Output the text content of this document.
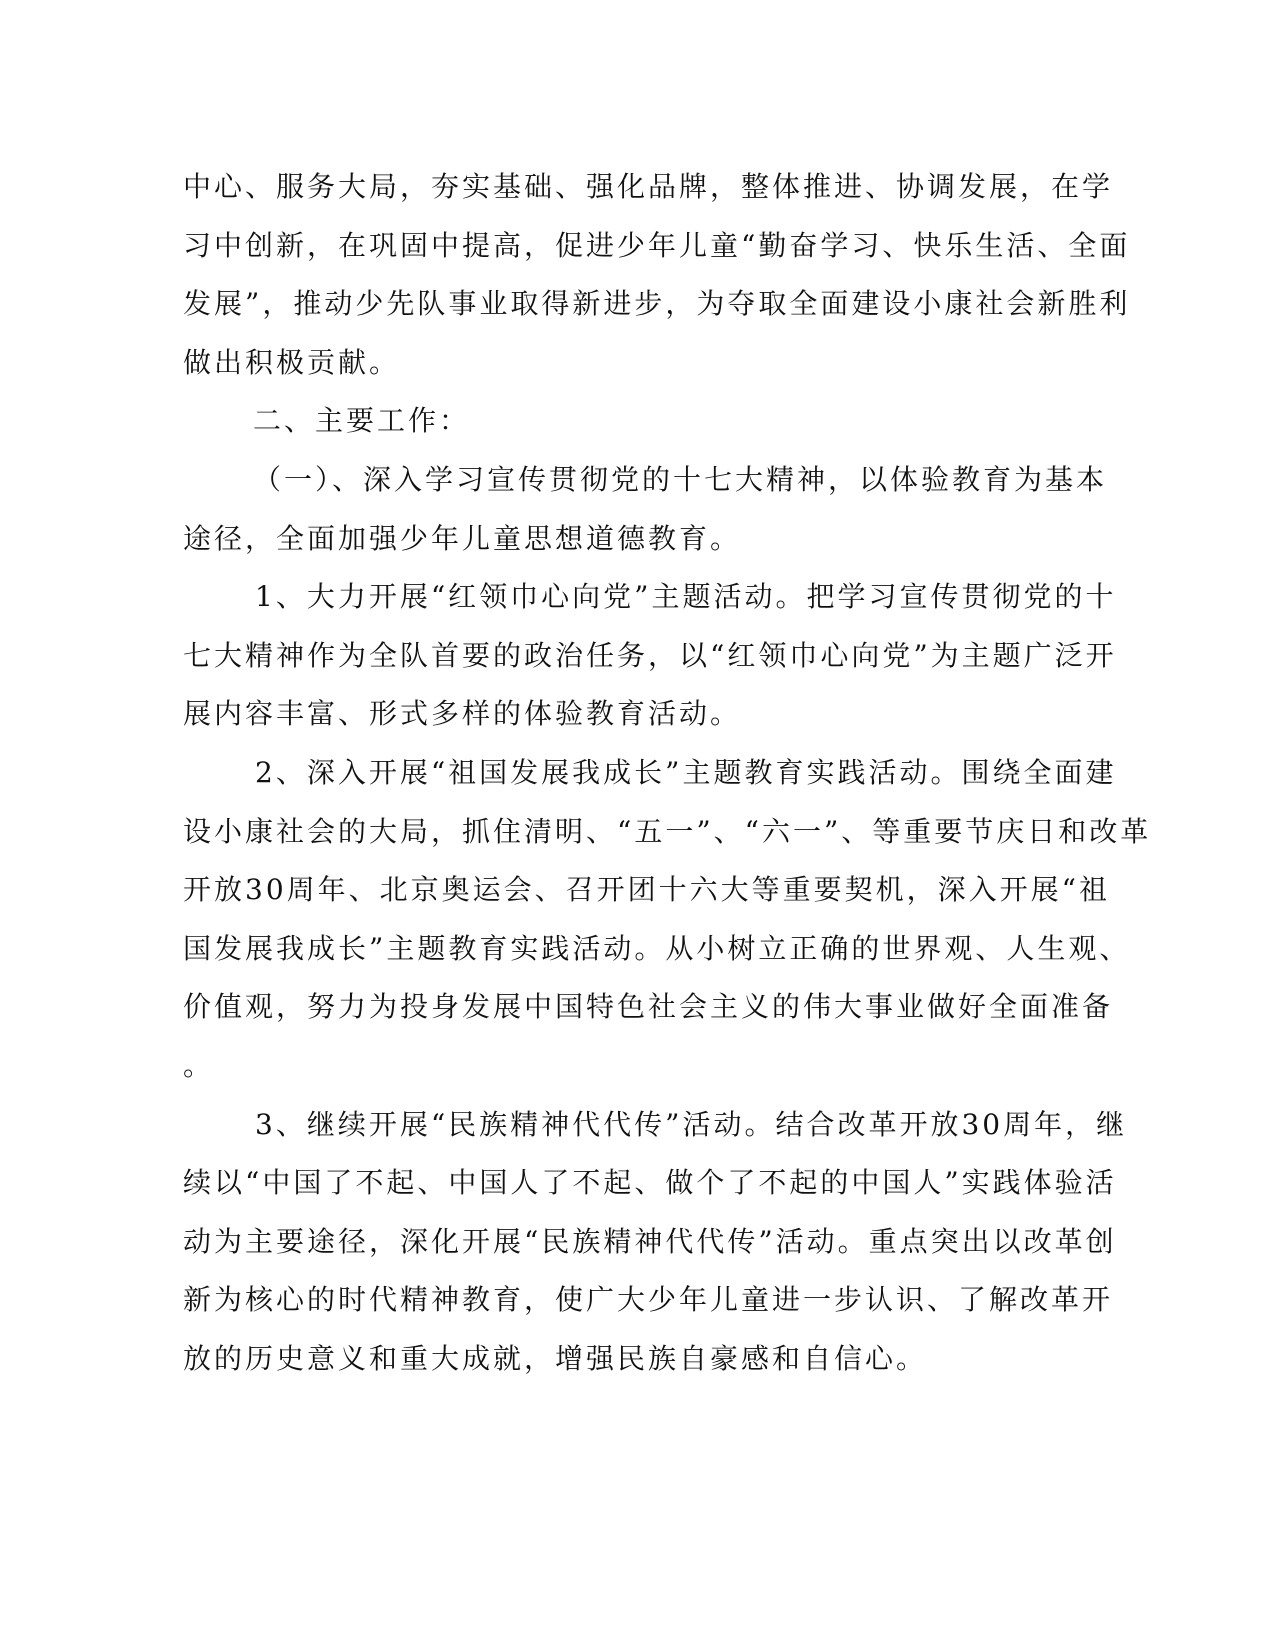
中心、服务大局，夯实基础、强化品牌，整体推进、协调发展，在学
习中创新，在巩固中提高，促进少年儿童“勤奋学习、快乐生活、全面
发展”，推动少先队事业取得新进步，为夺取全面建设小康社会新胜利
做出积极贡献。
二、主要工作：
（一）、深入学习宣传贯彻党的十七大精神，以体验教育为基本
途径，全面加强少年儿童思想道德教育。
1、大力开展“红领巾心向党”主题活动。把学习宣传贯彻党的十
七大精神作为全队首要的政治任务，以“红领巾心向党”为主题广泛开
展内容丰富、形式多样的体验教育活动。
2、深入开展“祖国发展我成长”主题教育实践活动。围绕全面建
设小康社会的大局，抓住清明、“五一”、“六一”、等重要节庆日和改革
开放30周年、北京奥运会、召开团十六大等重要契机，深入开展“祖
国发展我成长”主题教育实践活动。从小树立正确的世界观、人生观、
价值观，努力为投身发展中国特色社会主义的伟大事业做好全面准备
。
3、继续开展“民族精神代代传”活动。结合改革开放30周年，继
续以“中国了不起、中国人了不起、做个了不起的中国人”实践体验活
动为主要途径，深化开展“民族精神代代传”活动。重点突出以改革创
新为核心的时代精神教育，使广大少年儿童进一步认识、了解改革开
放的历史意义和重大成就，增强民族自豪感和自信心。
